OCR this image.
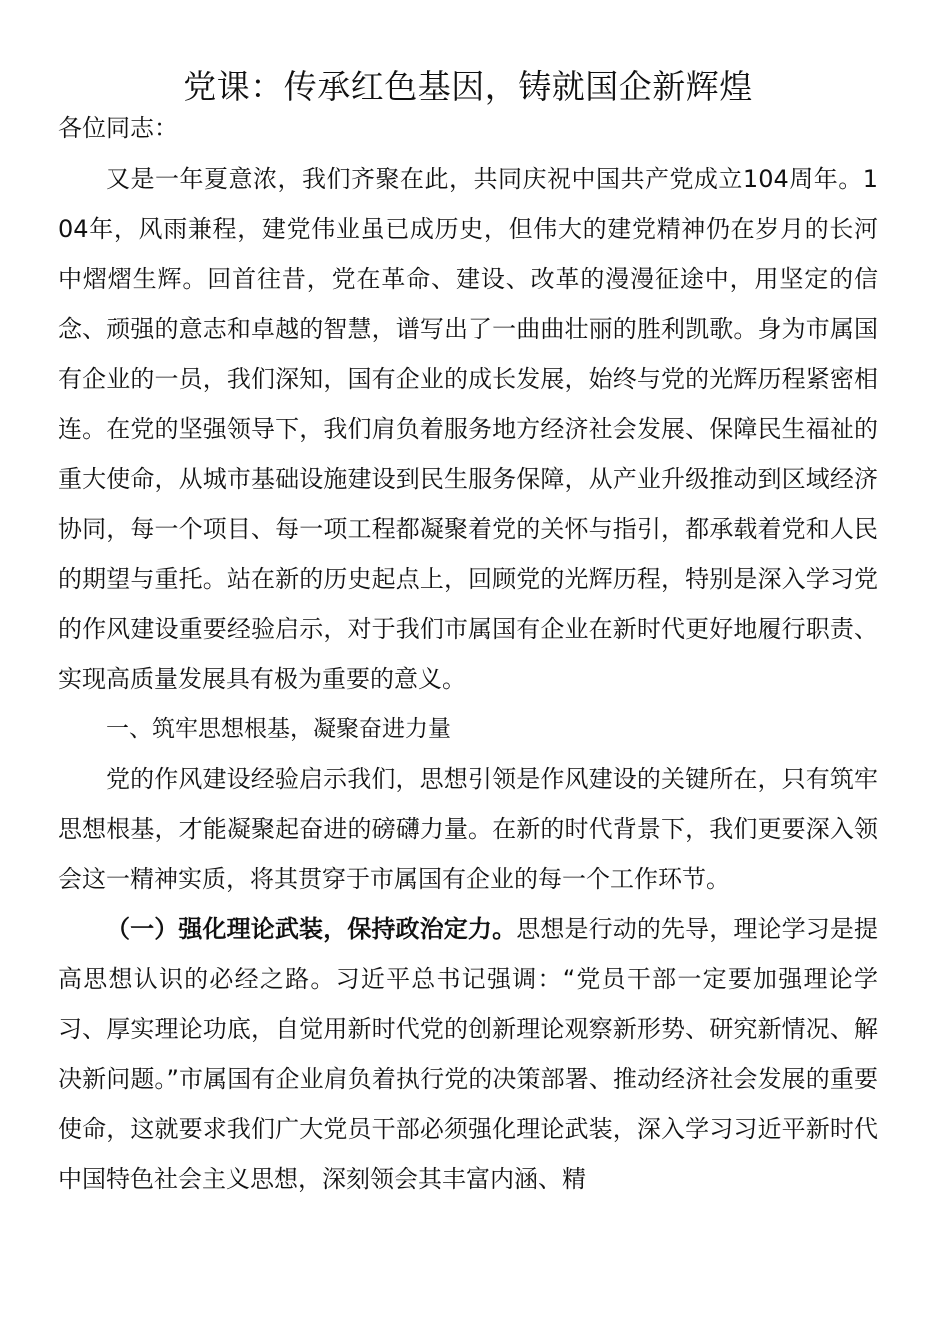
党课：传承红色基因，铸就国企新辉煌

各位同志：

又是一年夏意浓，我们齐聚在此，共同庆祝中国共产党成立104周年。104年，风雨兼程，建党伟业虽已成历史，但伟大的建党精神仍在岁月的长河中熠熠生辉。回首往昔，党在革命、建设、改革的漫漫征途中，用坚定的信念、顽强的意志和卓越的智慧，谱写出了一曲曲壮丽的胜利凯歌。身为市属国有企业的一员，我们深知，国有企业的成长发展，始终与党的光辉历程紧密相连。在党的坚强领导下，我们肩负着服务地方经济社会发展、保障民生福祉的重大使命，从城市基础设施建设到民生服务保障，从产业升级推动到区域经济协同，每一个项目、每一项工程都凝聚着党的关怀与指引，都承载着党和人民的期望与重托。站在新的历史起点上，回顾党的光辉历程，特别是深入学习党的作风建设重要经验启示，对于我们市属国有企业在新时代更好地履行职责、实现高质量发展具有极为重要的意义。

一、筑牢思想根基，凝聚奋进力量

党的作风建设经验启示我们，思想引领是作风建设的关键所在，只有筑牢思想根基，才能凝聚起奋进的磅礴力量。在新的时代背景下，我们更要深入领会这一精神实质，将其贯穿于市属国有企业的每一个工作环节。

（一）强化理论武装，保持政治定力。思想是行动的先导，理论学习是提高思想认识的必经之路。习近平总书记强调：“党员干部一定要加强理论学习、厚实理论功底，自觉用新时代党的创新理论观察新形势、研究新情况、解决新问题。”市属国有企业肩负着执行党的决策部署、推动经济社会发展的重要使命，这就要求我们广大党员干部必须强化理论武装，深入学习习近平新时代中国特色社会主义思想，深刻领会其丰富内涵、精
